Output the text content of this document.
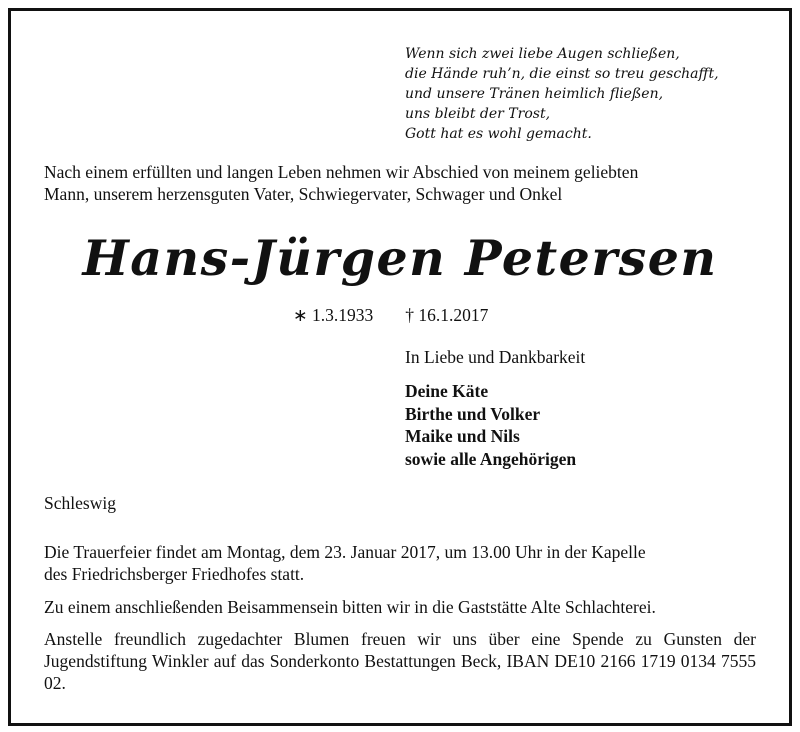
Wenn sich zwei liebe Augen schließen,
die Hände ruh’n, die einst so treu geschafft,
und unsere Tränen heimlich fließen,
uns bleibt der Trost,
Gott hat es wohl gemacht.
Nach einem erfüllten und langen Leben nehmen wir Abschied von meinem geliebten
Mann, unserem herzensguten Vater, Schwiegervater, Schwager und Onkel
Hans-Jürgen Petersen
∗ 1.3.1933 † 16.1.2017
In Liebe und Dankbarkeit
Deine Käte
Birthe und Volker
Maike und Nils
sowie alle Angehörigen
Schleswig
Die Trauerfeier findet am Montag, dem 23. Januar 2017, um 13.00 Uhr in der Kapelle
des Friedrichsberger Friedhofes statt.
Zu einem anschließenden Beisammensein bitten wir in die Gaststätte Alte Schlachterei.
Anstelle freundlich zugedachter Blumen freuen wir uns über eine Spende zu Gunsten der Jugendstiftung Winkler auf das Sonderkonto Bestattungen Beck, IBAN DE10 2166 1719 0134 7555 02.
